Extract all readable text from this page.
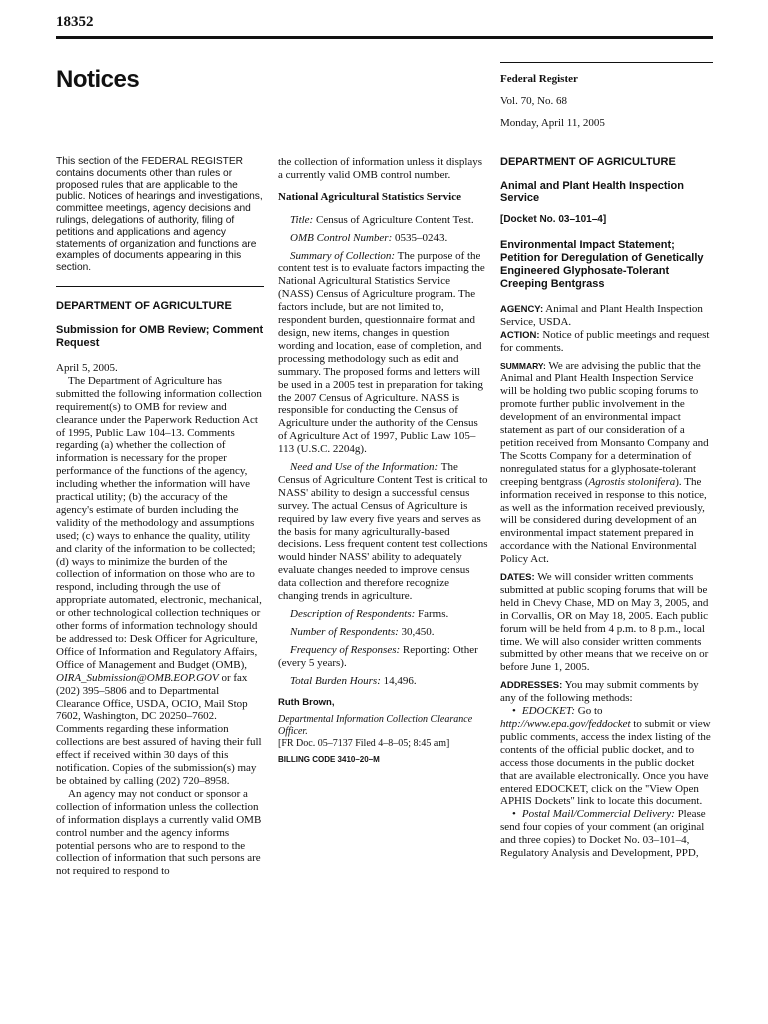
18352
Notices	Federal Register
Vol. 70, No. 68
Monday, April 11, 2005

This section of the FEDERAL REGISTER contains documents other than rules or proposed rules that are applicable to the public. Notices of hearings and investigations, committee meetings, agency decisions and rulings, delegations of authority, filing of petitions and applications and agency statements of organization and functions are examples of documents appearing in this section.

DEPARTMENT OF AGRICULTURE

Submission for OMB Review; Comment Request

April 5, 2005.

The Department of Agriculture has submitted the following information collection requirement(s) to OMB for review and clearance under the Paperwork Reduction Act of 1995, Public Law 104–13. Comments regarding (a) whether the collection of information is necessary for the proper performance of the functions of the agency, including whether the information will have practical utility; (b) the accuracy of the agency's estimate of burden including the validity of the methodology and assumptions used; (c) ways to enhance the quality, utility and clarity of the information to be collected; (d) ways to minimize the burden of the collection of information on those who are to respond, including through the use of appropriate automated, electronic, mechanical, or other technological collection techniques or other forms of information technology should be addressed to: Desk Officer for Agriculture, Office of Information and Regulatory Affairs, Office of Management and Budget (OMB),
OIRA_Submission@OMB.EOP.GOV or fax (202) 395–5806 and to Departmental Clearance Office, USDA, OCIO, Mail Stop 7602, Washington, DC 20250–7602. Comments regarding these information collections are best assured of having their full effect if received within 30 days of this notification. Copies of the submission(s) may be obtained by calling (202) 720–8958.

An agency may not conduct or sponsor a collection of information unless the collection of information displays a currently valid OMB control number and the agency informs potential persons who are to respond to the collection of information that such persons are not required to respond to

the collection of information unless it displays a currently valid OMB control number.

National Agricultural Statistics Service

Title: Census of Agriculture Content Test.

OMB Control Number: 0535–0243.

Summary of Collection: The purpose of the content test is to evaluate factors impacting the National Agricultural Statistics Service (NASS) Census of Agriculture program. The factors include, but are not limited to, respondent burden, questionnaire format and design, new items, changes in question wording and location, ease of completion, and processing methodology such as edit and summary. The proposed forms and letters will be used in a 2005 test in preparation for taking the 2007 Census of Agriculture. NASS is responsible for conducting the Census of Agriculture under the authority of the Census of Agriculture Act of 1997, Public Law 105–113 (U.S.C. 2204g).

Need and Use of the Information: The Census of Agriculture Content Test is critical to NASS' ability to design a successful census survey. The actual Census of Agriculture is required by law every five years and serves as the basis for many agriculturally-based decisions. Less frequent content test collections would hinder NASS' ability to adequately evaluate changes needed to improve census data collection and therefore recognize changing trends in agriculture.

Description of Respondents: Farms.

Number of Respondents: 30,450.

Frequency of Responses: Reporting: Other (every 5 years).

Total Burden Hours: 14,496.

Ruth Brown,

Departmental Information Collection Clearance Officer.

[FR Doc. 05–7137 Filed 4–8–05; 8:45 am]

BILLING CODE 3410–20–M

DEPARTMENT OF AGRICULTURE

Animal and Plant Health Inspection Service

[Docket No. 03–101–4]

Environmental Impact Statement; Petition for Deregulation of Genetically Engineered Glyphosate-Tolerant Creeping Bentgrass

AGENCY: Animal and Plant Health Inspection Service, USDA.

ACTION: Notice of public meetings and request for comments.

SUMMARY: We are advising the public that the Animal and Plant Health Inspection Service will be holding two public scoping forums to promote further public involvement in the development of an environmental impact statement as part of our consideration of a petition received from Monsanto Company and The Scotts Company for a determination of nonregulated status for a glyphosate-tolerant creeping bentgrass (Agrostis stolonifera). The information received in response to this notice, as well as the information received previously, will be considered during development of an environmental impact statement prepared in accordance with the National Environmental Policy Act.

DATES: We will consider written comments submitted at public scoping forums that will be held in Chevy Chase, MD on May 3, 2005, and in Corvallis, OR on May 18, 2005. Each public forum will be held from 4 p.m. to 8 p.m., local time. We will also consider written comments submitted by other means that we receive on or before June 1, 2005.

ADDRESSES: You may submit comments by any of the following methods:

• EDOCKET: Go to http://www.epa.gov/feddocket to submit or view public comments, access the index listing of the contents of the official public docket, and to access those documents in the public docket that are available electronically. Once you have entered EDOCKET, click on the ''View Open APHIS Dockets'' link to locate this document.

• Postal Mail/Commercial Delivery: Please send four copies of your comment (an original and three copies) to Docket No. 03–101–4, Regulatory Analysis and Development, PPD,
